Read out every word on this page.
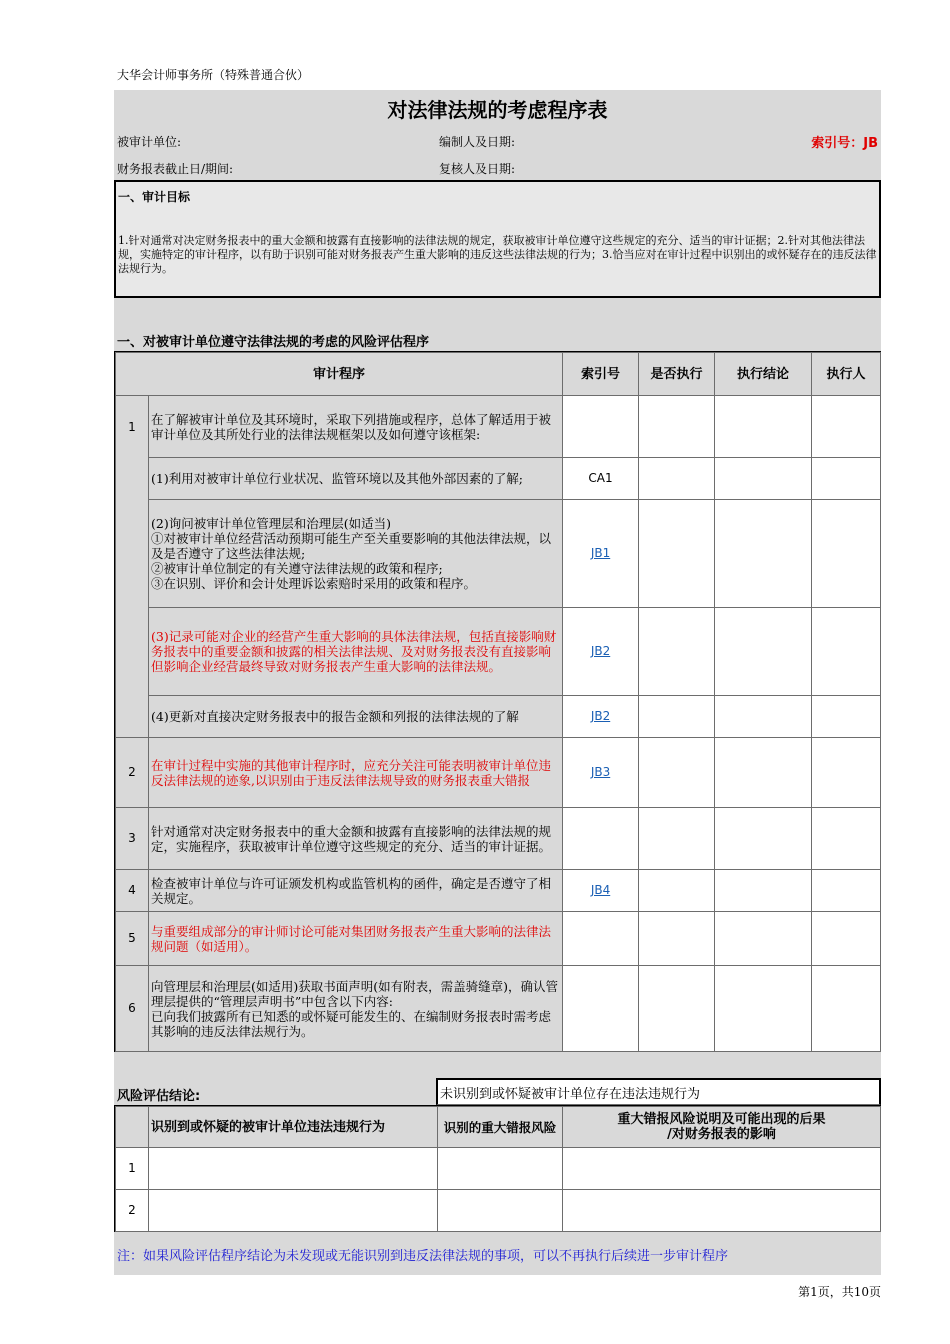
大华会计师事务所（特殊普通合伙）
对法律法规的考虑程序表
被审计单位:	编制人及日期:	索引号：JB
财务报表截止日/期间:	复核人及日期:
一、审计目标
1.针对通常对决定财务报表中的重大金额和披露有直接影响的法律法规的规定，获取被审计单位遵守这些规定的充分、适当的审计证据；2.针对其他法律法规，实施特定的审计程序，以有助于识别可能对财务报表产生重大影响的违反这些法律法规的行为；3.恰当应对在审计过程中识别出的或怀疑存在的违反法律法规行为。
一、对被审计单位遵守法律法规的考虑的风险评估程序
审计程序		索引号	是否执行	执行结论	执行人
1	在了解被审计单位及其环境时，采取下列措施或程序，总体了解适用于被审计单位及其所处行业的法律法规框架以及如何遵守该框架:				
	(1)利用对被审计单位行业状况、监管环境以及其他外部因素的了解;	CA1			
	(2)询问被审计单位管理层和治理层(如适当)
①对被审计单位经营活动预期可能生产至关重要影响的其他法律法规，以及是否遵守了这些法律法规;
②被审计单位制定的有关遵守法律法规的政策和程序;
③在识别、评价和会计处理诉讼索赔时采用的政策和程序。	JB1			
	(3)记录可能对企业的经营产生重大影响的具体法律法规，包括直接影响财务报表中的重要金额和披露的相关法律法规、及对财务报表没有直接影响但影响企业经营最终导致对财务报表产生重大影响的法律法规。	JB2			
	(4)更新对直接决定财务报表中的报告金额和列报的法律法规的了解	JB2			
2	在审计过程中实施的其他审计程序时，应充分关注可能表明被审计单位违反法律法规的迹象,以识别由于违反法律法规导致的财务报表重大错报	JB3			
3	针对通常对决定财务报表中的重大金额和披露有直接影响的法律法规的规定，实施程序，获取被审计单位遵守这些规定的充分、适当的审计证据。				
4	检查被审计单位与许可证颁发机构或监管机构的函件，确定是否遵守了相关规定。	JB4			
5	与重要组成部分的审计师讨论可能对集团财务报表产生重大影响的法律法规问题（如适用）。				
6	向管理层和治理层(如适用)获取书面声明(如有附表，需盖骑缝章)，确认管理层提供的“管理层声明书”中包含以下内容:
已向我们披露所有已知悉的或怀疑可能发生的、在编制财务报表时需考虑其影响的违反法律法规行为。				
风险评估结论:	未识别到或怀疑被审计单位存在违法违规行为
	识别到或怀疑的被审计单位违法违规行为	识别的重大错报风险	重大错报风险说明及可能出现的后果
/对财务报表的影响
1			
2			
注：如果风险评估程序结论为未发现或无能识别到违反法律法规的事项，可以不再执行后续进一步审计程序
第1页，共10页
